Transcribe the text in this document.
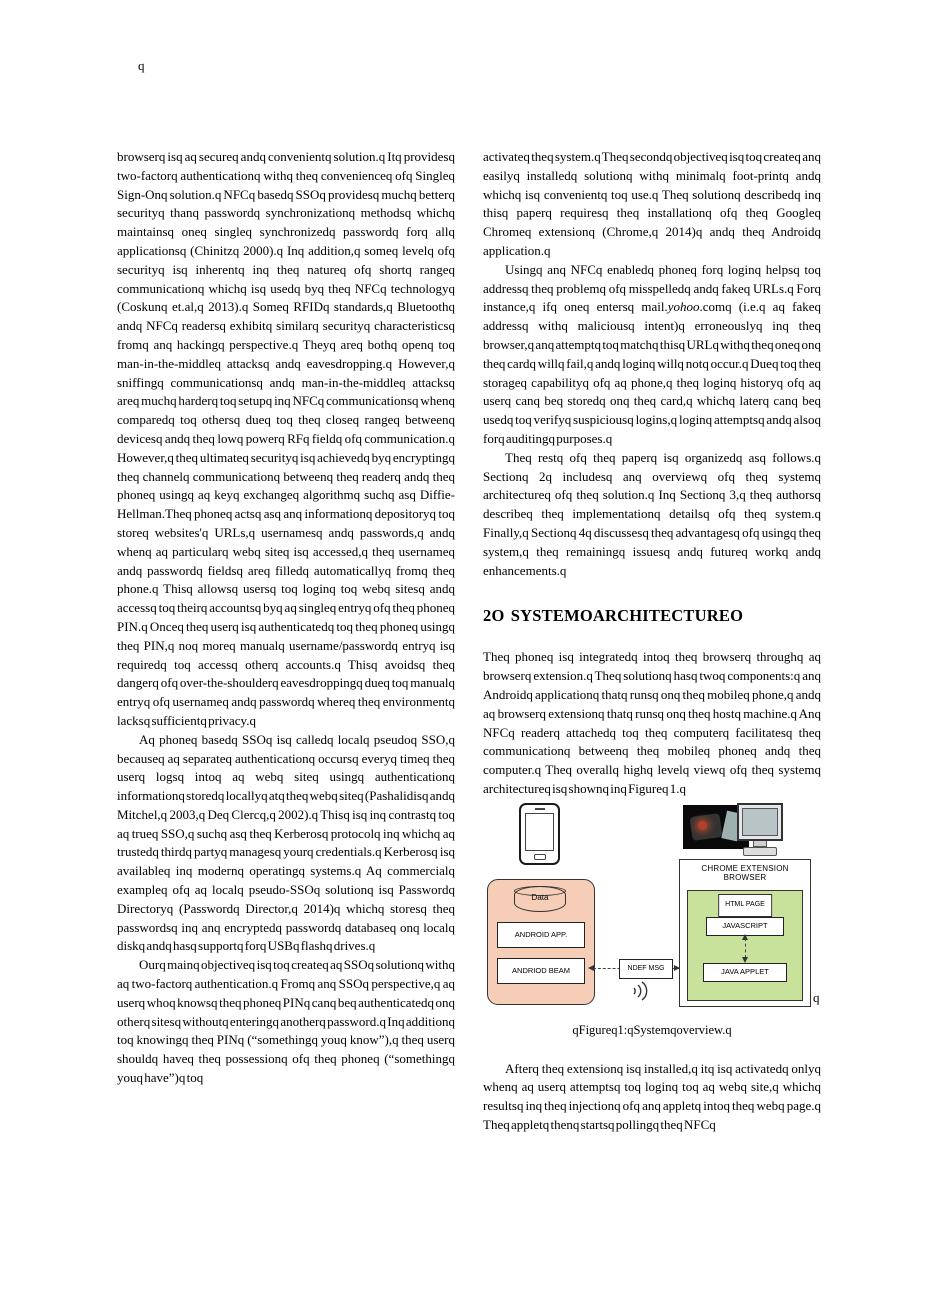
q

browserq isq aq secureq andq convenientq solution.q Itq providesq two-factorq authenticationq withq theq convenienceq ofq Singleq Sign-Onq solution.q NFCq basedq SSOq providesq muchq betterq securityq thanq passwordq synchronizationq methodsq whichq maintainsq oneq singleq synchronizedq passwordq forq allq applicationsq (Chinitzq 2000).q Inq addition,q someq levelq ofq securityq isq inherentq inq theq natureq ofq shortq rangeq communicationq whichq isq usedq byq theq NFCq technologyq (Coskunq et.al,q 2013).q Someq RFIDq standards,q Bluetoothq andq NFCq readersq exhibitq similarq securityq characteristicsq fromq anq hackingq perspective.q Theyq areq bothq openq toq man-in-the-middleq attacksq andq eavesdropping.q However,q sniffingq communicationsq andq man-in-the-middleq attacksq areq muchq harderq toq setupq inq NFCq communicationsq whenq comparedq toq othersq dueq toq theq closeq rangeq betweenq devicesq andq theq lowq powerq RFq fieldq ofq communication.q However,q theq ultimateq securityq isq achievedq byq encryptingq theq channelq communicationq betweenq theq readerq andq theq phoneq usingq aq keyq exchangeq algorithmq suchq asq Diffie-Hellman.Theq phoneq actsq asq anq informationq depositoryq toq storeq websites'q URLs,q usernamesq andq passwords,q andq whenq aq particularq webq siteq isq accessed,q theq usernameq andq passwordq fieldsq areq filledq automaticallyq fromq theq phone.q Thisq allowsq usersq toq loginq toq webq sitesq andq accessq toq theirq accountsq byq aq singleq entryq ofq theq phoneq PIN.q Onceq theq userq isq authenticatedq toq theq phoneq usingq theq PIN,q noq moreq manualq username/passwordq entryq isq requiredq toq accessq otherq accounts.q Thisq avoidsq theq dangerq ofq over-the-shoulderq eavesdroppingq dueq toq manualq entryq ofq usernameq andq passwordq whereq theq environmentq lacksq sufficientq privacy.q

Aq phoneq basedq SSOq isq calledq localq pseudoq SSO,q becauseq aq separateq authenticationq occursq everyq timeq theq userq logsq intoq aq webq siteq usingq authenticationq informationq storedq locallyq atq theq webq siteq (Pashalidisq andq Mitchel,q 2003,q Deq Clercq,q 2002).q Thisq isq inq contrastq toq aq trueq SSO,q suchq asq theq Kerberosq protocolq inq whichq aq trustedq thirdq partyq managesq yourq credentials.q Kerberosq isq availableq inq modernq operatingq systems.q Aq commercialq exampleq ofq aq localq pseudo-SSOq solutionq isq Passwordq Directoryq (Passwordq Director,q 2014)q whichq storesq theq passwordsq inq anq encryptedq passwordq databaseq onq localq diskq andq hasq supportq forq USBq flashq drives.q

Ourq mainq objectiveq isq toq createq aq SSOq solutionq withq aq two-factorq authentication.q Fromq anq SSOq perspective,q aq userq whoq knowsq theq phoneq PINq canq beq authenticatedq onq otherq sitesq withoutq enteringq anotherq password.q Inq additionq toq knowingq theq PINq (“somethingq youq know”),q theq userq shouldq haveq theq possessionq ofq theq phoneq (“somethingq youq have”)q toq

activateq theq system.q Theq secondq objectiveq isq toq createq anq easilyq installedq solutionq withq minimalq foot-printq andq whichq isq convenientq toq use.q Theq solutionq describedq inq thisq paperq requiresq theq installationq ofq theq Googleq Chromeq extensionq (Chrome,q 2014)q andq theq Androidq application.q

Usingq anq NFCq enabledq phoneq forq loginq helpsq toq addressq theq problemq ofq misspelledq andq fakeq URLs.q Forq instance,q ifq oneq entersq mail.yohoo.comq (i.e.q aq fakeq addressq withq maliciousq intent)q erroneouslyq inq theq browser,q anq attemptq toq matchq thisq URLq withq theq oneq onq theq cardq willq fail,q andq loginq willq notq occur.q Dueq toq theq storageq capabilityq ofq aq phone,q theq loginq historyq ofq aq userq canq beq storedq onq theq card,q whichq laterq canq beq usedq toq verifyq suspiciousq logins,q loginq attemptsq andq alsoq forq auditingq purposes.q

Theq restq ofq theq paperq isq organizedq asq follows.q Sectionq 2q includesq anq overviewq ofq theq systemq architectureq ofq theq solution.q Inq Sectionq 3,q theq authorsq describeq theq implementationq detailsq ofq theq system.q Finally,q Sectionq 4q discussesq theq advantagesq ofq usingq theq system,q theq remainingq issuesq andq futureq workq andq enhancements.q

2O SYSTEMOARCHITECTUREO

Theq phoneq isq integratedq intoq theq browserq throughq aq browserq extension.q Theq solutionq hasq twoq components:q anq Androidq applicationq thatq runsq onq theq mobileq phone,q andq aq browserq extensionq thatq runsq onq theq hostq machine.q Anq NFCq readerq attachedq toq theq computerq facilitatesq theq communicationq betweenq theq mobileq phoneq andq theq computer.q Theq overallq highq levelq viewq ofq theq systemq architectureq isq shownq inq Figureq 1.q

Data
ANDROID APP.
ANDRIOD BEAM	NDEF MSG
CHROME EXTENSION
BROWSER
HTML PAGE
JAVASCRIPT
JAVA APPLET
q
qFigureq1:qSystemqoverview.q

Afterq theq extensionq isq installed,q itq isq activatedq onlyq whenq aq userq attemptsq toq loginq toq aq webq site,q whichq resultsq inq theq injectionq ofq anq appletq intoq theq webq page.q Theq appletq thenq startsq pollingq theq NFCq
